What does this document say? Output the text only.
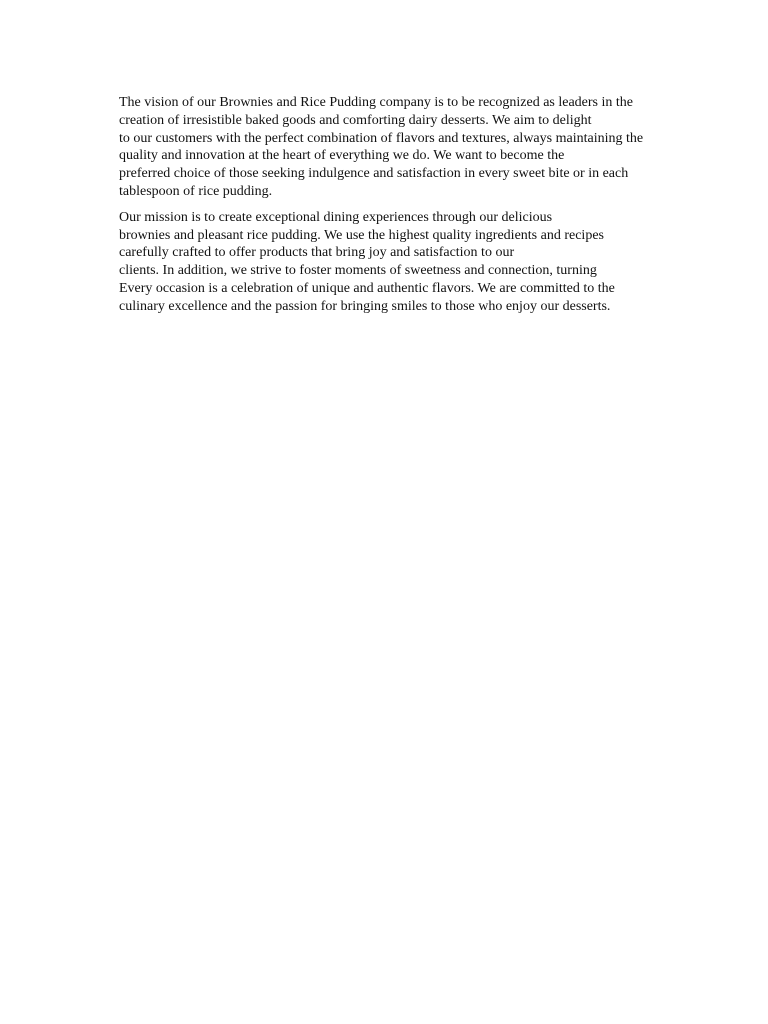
The vision of our Brownies and Rice Pudding company is to be recognized as leaders in the
creation of irresistible baked goods and comforting dairy desserts. We aim to delight
to our customers with the perfect combination of flavors and textures, always maintaining the
quality and innovation at the heart of everything we do. We want to become the
preferred choice of those seeking indulgence and satisfaction in every sweet bite or in each
tablespoon of rice pudding.

Our mission is to create exceptional dining experiences through our delicious
brownies and pleasant rice pudding. We use the highest quality ingredients and recipes
carefully crafted to offer products that bring joy and satisfaction to our
clients. In addition, we strive to foster moments of sweetness and connection, turning
Every occasion is a celebration of unique and authentic flavors. We are committed to the
culinary excellence and the passion for bringing smiles to those who enjoy our desserts.
